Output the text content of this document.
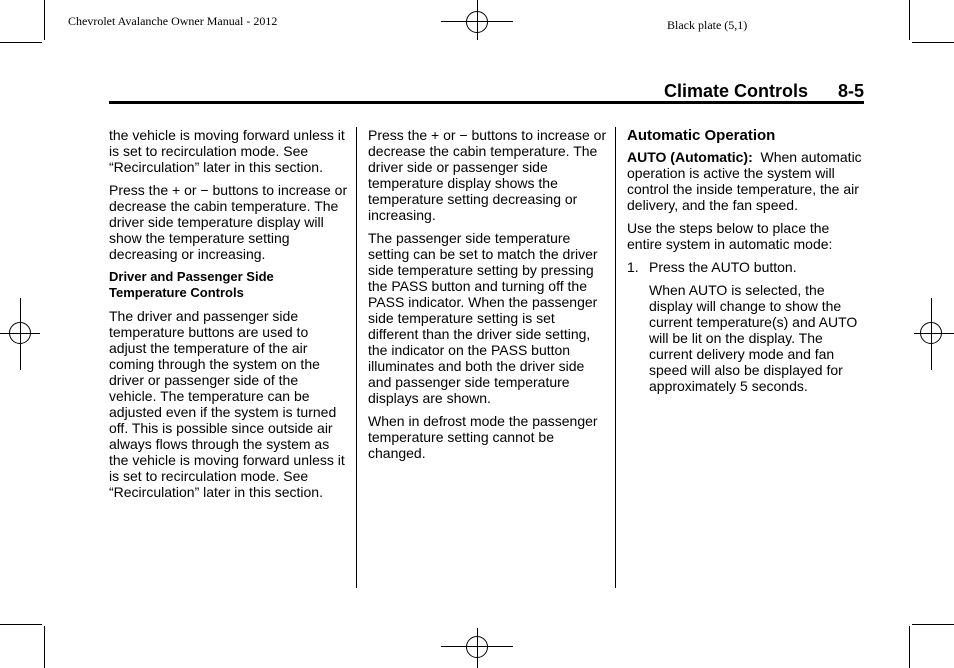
Chevrolet Avalanche Owner Manual - 2012	Black plate (5,1)
Climate Controls 8-5

the vehicle is moving forward unless it is set to recirculation mode. See “Recirculation” later in this section.

Press the + or − buttons to increase or decrease the cabin temperature. The driver side temperature display will show the temperature setting decreasing or increasing.

Driver and Passenger Side Temperature Controls

The driver and passenger side temperature buttons are used to adjust the temperature of the air coming through the system on the driver or passenger side of the vehicle. The temperature can be adjusted even if the system is turned off. This is possible since outside air always flows through the system as the vehicle is moving forward unless it is set to recirculation mode. See “Recirculation” later in this section.

Press the + or − buttons to increase or decrease the cabin temperature. The driver side or passenger side temperature display shows the temperature setting decreasing or increasing.

The passenger side temperature setting can be set to match the driver side temperature setting by pressing the PASS button and turning off the PASS indicator. When the passenger side temperature setting is set different than the driver side setting, the indicator on the PASS button illuminates and both the driver side and passenger side temperature displays are shown.

When in defrost mode the passenger temperature setting cannot be changed.

Automatic Operation

AUTO (Automatic): When automatic operation is active the system will control the inside temperature, the air delivery, and the fan speed.

Use the steps below to place the entire system in automatic mode:

1. Press the AUTO button.

When AUTO is selected, the display will change to show the current temperature(s) and AUTO will be lit on the display. The current delivery mode and fan speed will also be displayed for approximately 5 seconds.
